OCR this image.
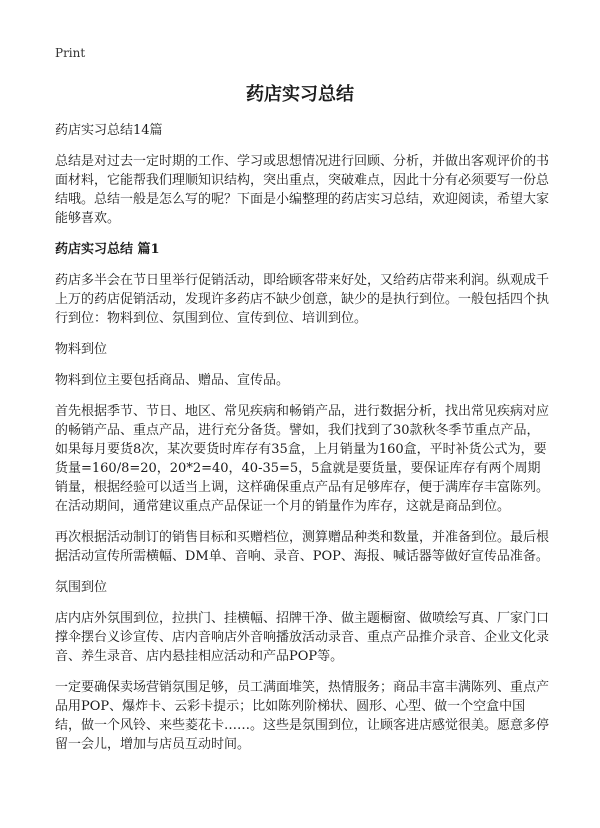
Print
药店实习总结

药店实习总结14篇

总结是对过去一定时期的工作、学习或思想情况进行回顾、分析，并做出客观评价的书面材料，它能帮我们理顺知识结构，突出重点，突破难点，因此十分有必须要写一份总结哦。总结一般是怎么写的呢？下面是小编整理的药店实习总结，欢迎阅读，希望大家能够喜欢。

药店实习总结 篇1

药店多半会在节日里举行促销活动，即给顾客带来好处，又给药店带来利润。纵观成千上万的药店促销活动，发现许多药店不缺少创意，缺少的是执行到位。一般包括四个执行到位：物料到位、氛围到位、宣传到位、培训到位。

物料到位

物料到位主要包括商品、赠品、宣传品。

首先根据季节、节日、地区、常见疾病和畅销产品，进行数据分析，找出常见疾病对应的畅销产品、重点产品，进行充分备货。譬如，我们找到了30款秋冬季节重点产品，如果每月要货8次，某次要货时库存有35盒，上月销量为160盒，平时补货公式为，要货量=160/8=20，20*2=40，40-35=5，5盒就是要货量，要保证库存有两个周期销量，根据经验可以适当上调，这样确保重点产品有足够库存，便于满库存丰富陈列。在活动期间，通常建议重点产品保证一个月的销量作为库存，这就是商品到位。

再次根据活动制订的销售目标和买赠档位，测算赠品种类和数量，并准备到位。最后根据活动宣传所需横幅、DM单、音响、录音、POP、海报、喊话器等做好宣传品准备。

氛围到位

店内店外氛围到位，拉拱门、挂横幅、招牌干净、做主题橱窗、做喷绘写真、厂家门口撑伞摆台义诊宣传、店内音响店外音响播放活动录音、重点产品推介录音、企业文化录音、养生录音、店内悬挂相应活动和产品POP等。

一定要确保卖场营销氛围足够，员工满面堆笑，热情服务；商品丰富丰满陈列、重点产品用POP、爆炸卡、云彩卡提示；比如陈列阶梯状、圆形、心型、做一个空盒中国结，做一个风铃、来些菱花卡……。这些是氛围到位，让顾客进店感觉很美。愿意多停留一会儿，增加与店员互动时间。
